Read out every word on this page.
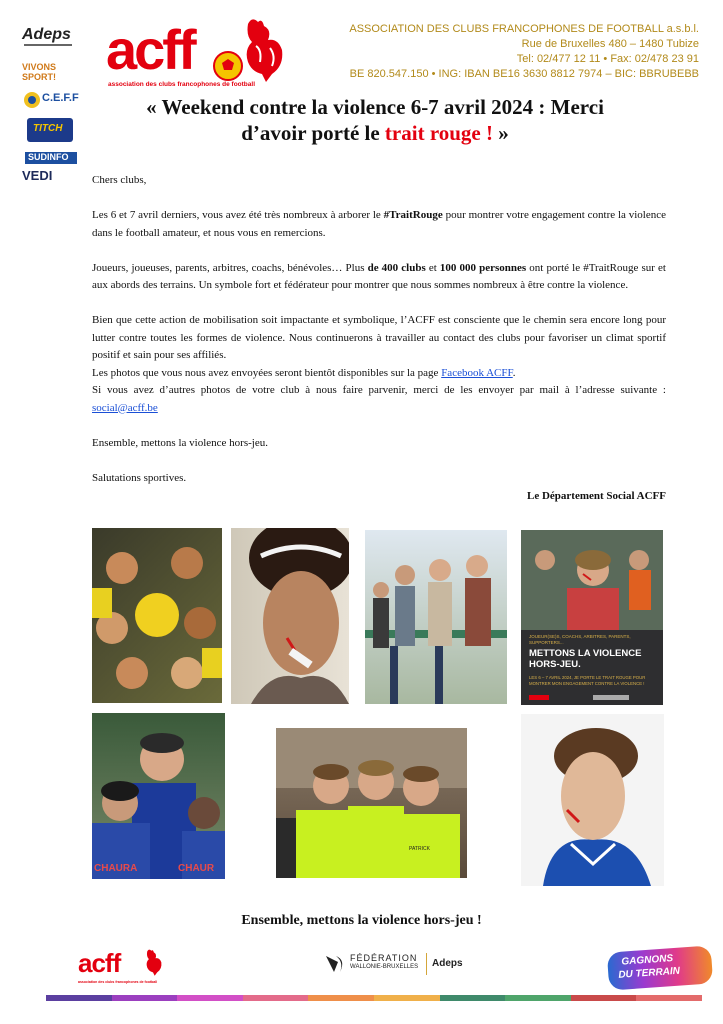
Adeps
VIVONS SPORT!
C.E.F.F
TITCH
SUDINFO
VEDI
acff
association des clubs francophones de football
ASSOCIATION DES CLUBS FRANCOPHONES DE FOOTBALL a.s.b.l.
Rue de Bruxelles 480 – 1480 Tubize
Tel: 02/477 12 11 • Fax: 02/478 23 91
BE 820.547.150 • ING: IBAN BE16 3630 8812 7974 – BIC: BBRUBEBB
« Weekend contre la violence 6-7 avril 2024 : Merci
d’avoir porté le trait rouge ! »

Chers clubs,

Les 6 et 7 avril derniers, vous avez été très nombreux à arborer le #TraitRouge pour montrer votre engagement contre la violence dans le football amateur, et nous vous en remercions.

Joueurs, joueuses, parents, arbitres, coachs, bénévoles… Plus de 400 clubs et 100 000 personnes ont porté le #TraitRouge sur et aux abords des terrains. Un symbole fort et fédérateur pour montrer que nous sommes nombreux à être contre la violence.

Bien que cette action de mobilisation soit impactante et symbolique, l’ACFF est consciente que le chemin sera encore long pour lutter contre toutes les formes de violence. Nous continuerons à travailler au contact des clubs pour favoriser un climat sportif positif et sain pour ses affiliés.
Les photos que vous nous avez envoyées seront bientôt disponibles sur la page Facebook ACFF.

Si vous avez d’autres photos de votre club à nous faire parvenir, merci de les envoyer par mail à l’adresse suivante : social@acff.be

Ensemble, mettons la violence hors-jeu.

Salutations sportives.
Le Département Social ACFF
JOUEUR(SE)S, COACHS, ARBITRES, PARENTS, SUPPORTERS...
METTONS LA VIOLENCE
HORS-JEU.
LES 6 – 7 AVRIL 2024, JE PORTE LE TRAIT ROUGE POUR MONTRER MON ENGAGEMENT CONTRE LA VIOLENCE !
CHAURA	CHAUR
PATRICK
Ensemble, mettons la violence hors-jeu !
acff
association des clubs francophones de football
FÉDÉRATION
WALLONIE-BRUXELLES Adeps	GAGNONS
DU TERRAIN
